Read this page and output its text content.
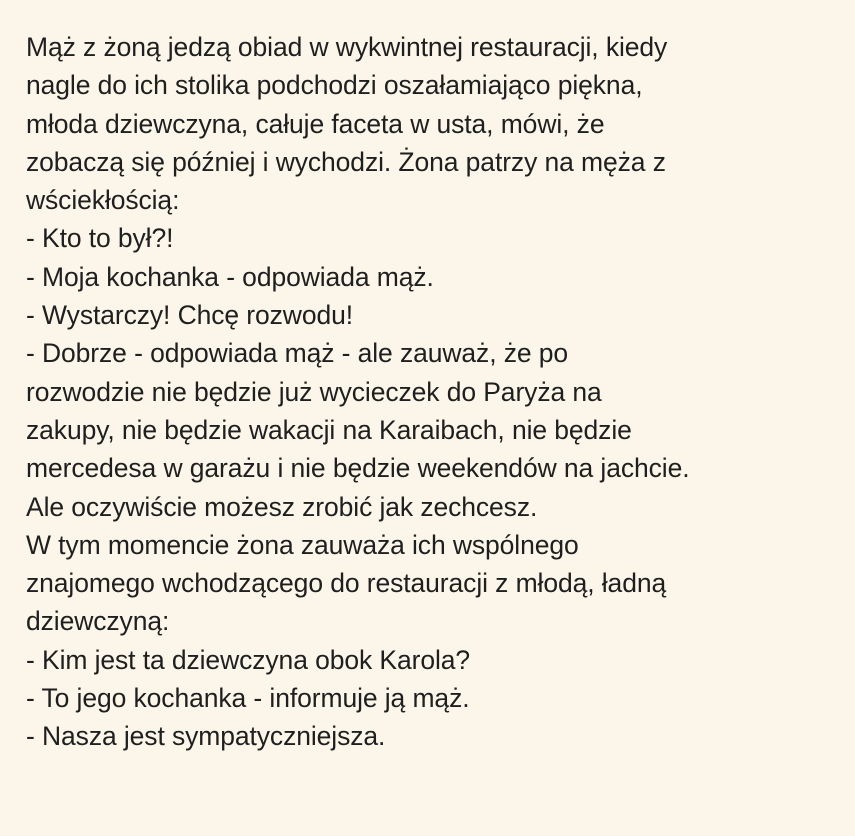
Mąż z żoną jedzą obiad w wykwintnej restauracji, kiedy
nagle do ich stolika podchodzi oszałamiająco piękna,
młoda dziewczyna, całuje faceta w usta, mówi, że
zobaczą się później i wychodzi. Żona patrzy na męża z
wściekłością:
- Kto to był?!
- Moja kochanka - odpowiada mąż.
- Wystarczy! Chcę rozwodu!
- Dobrze - odpowiada mąż - ale zauważ, że po
rozwodzie nie będzie już wycieczek do Paryża na
zakupy, nie będzie wakacji na Karaibach, nie będzie
mercedesa w garażu i nie będzie weekendów na jachcie.
Ale oczywiście możesz zrobić jak zechcesz.
W tym momencie żona zauważa ich wspólnego
znajomego wchodzącego do restauracji z młodą, ładną
dziewczyną:
- Kim jest ta dziewczyna obok Karola?
- To jego kochanka - informuje ją mąż.
- Nasza jest sympatyczniejsza.
